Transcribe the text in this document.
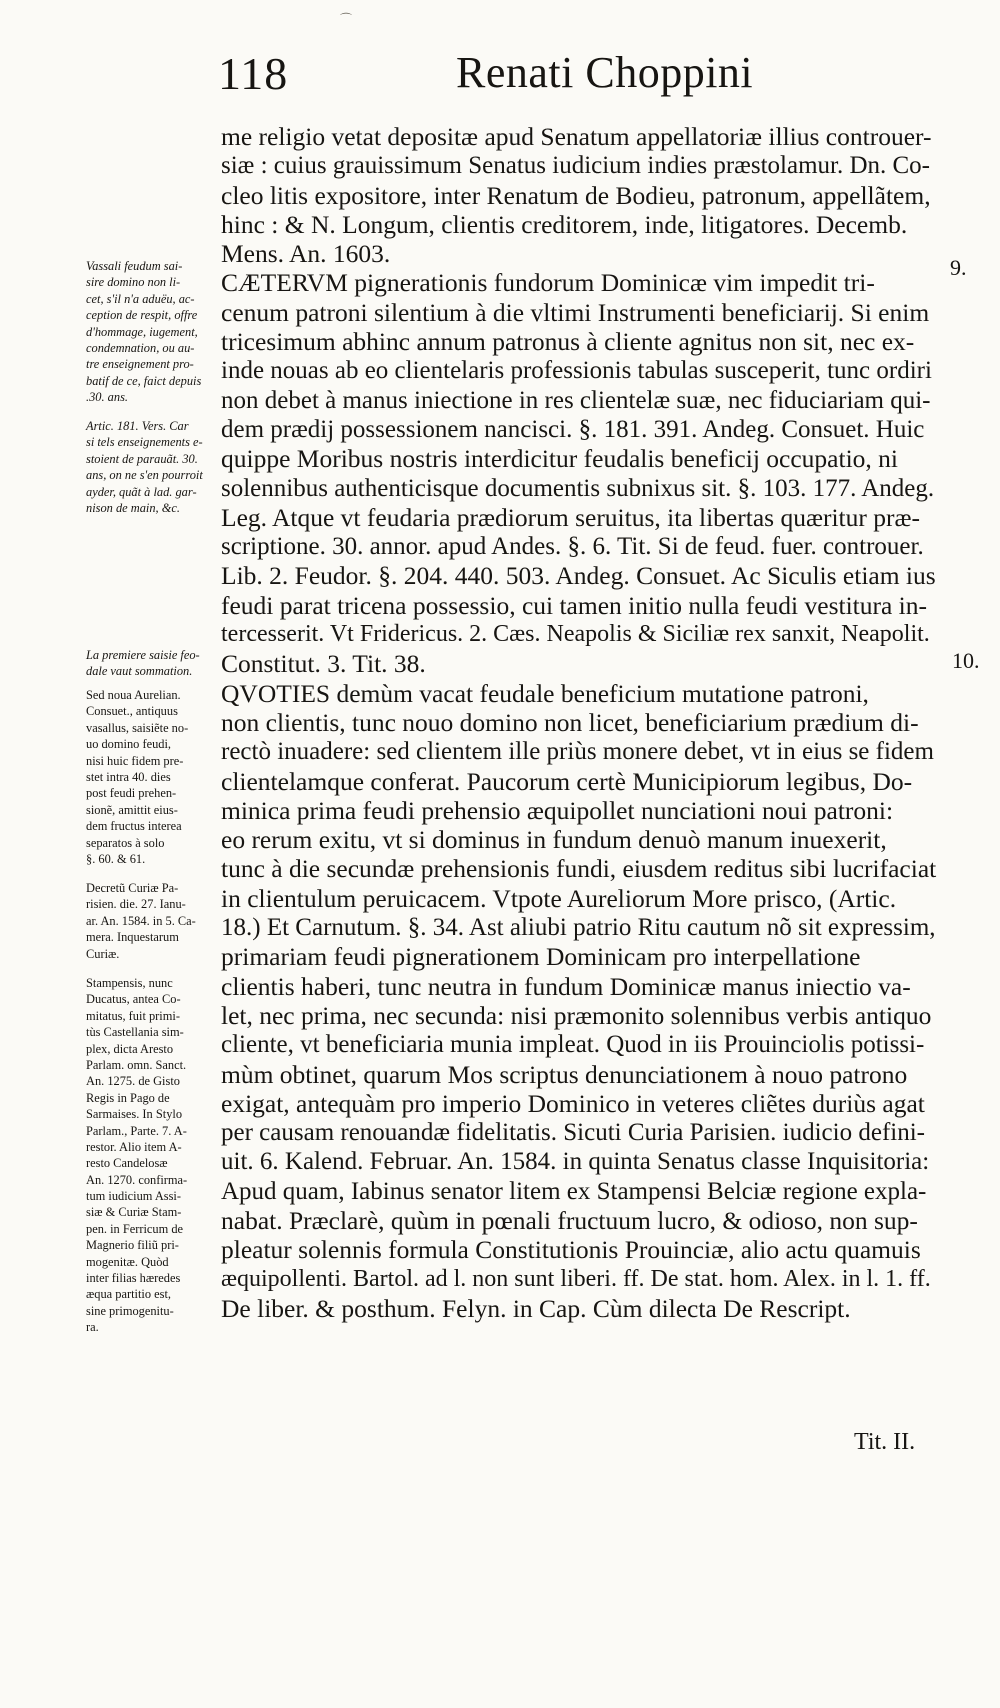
118	Renati Choppini
me religio vetat depositæ apud Senatum appellatoriæ illius controuer-
siæ : cuius grauissimum Senatus iudicium indies præstolamur. Dn. Co-
cleo litis expositore, inter Renatum de Bodieu, patronum, appellãtem,
hinc : & N. Longum, clientis creditorem, inde, litigatores. Decemb.
Mens. An. 1603.
CÆTERVM pignerationis fundorum Dominicæ vim impedit tri-
cenum patroni silentium à die vltimi Instrumenti beneficiarij. Si enim
tricesimum abhinc annum patronus à cliente agnitus non sit, nec ex-
inde nouas ab eo clientelaris professionis tabulas susceperit, tunc ordiri
non debet à manus iniectione in res clientelæ suæ, nec fiduciariam qui-
dem prædij possessionem nancisci. §. 181. 391. Andeg. Consuet. Huic
quippe Moribus nostris interdicitur feudalis beneficij occupatio, ni
solennibus authenticisque documentis subnixus sit. §. 103. 177. Andeg.
Leg. Atque vt feudaria prædiorum seruitus, ita libertas quæritur præ-
scriptione. 30. annor. apud Andes. §. 6. Tit. Si de feud. fuer. controuer.
Lib. 2. Feudor. §. 204. 440. 503. Andeg. Consuet. Ac Siculis etiam ius
feudi parat tricena possessio, cui tamen initio nulla feudi vestitura in-
tercesserit. Vt Fridericus. 2. Cæs. Neapolis & Siciliæ rex sanxit, Neapolit.
Constitut. 3. Tit. 38.
QVOTIES demùm vacat feudale beneficium mutatione patroni,
non clientis, tunc nouo domino non licet, beneficiarium prædium di-
rectò inuadere: sed clientem ille priùs monere debet, vt in eius se fidem
clientelamque conferat. Paucorum certè Municipiorum legibus, Do-
minica prima feudi prehensio æquipollet nunciationi noui patroni:
eo rerum exitu, vt si dominus in fundum denuò manum inuexerit,
tunc à die secundæ prehensionis fundi, eiusdem reditus sibi lucrifaciat
in clientulum peruicacem. Vtpote Aureliorum More prisco, (Artic.
18.) Et Carnutum. §. 34. Ast aliubi patrio Ritu cautum nõ sit expressim,
primariam feudi pignerationem Dominicam pro interpellatione
clientis haberi, tunc neutra in fundum Dominicæ manus iniectio va-
let, nec prima, nec secunda: nisi præmonito solennibus verbis antiquo
cliente, vt beneficiaria munia impleat. Quod in iis Prouinciolis potissi-
mùm obtinet, quarum Mos scriptus denunciationem à nouo patrono
exigat, antequàm pro imperio Dominico in veteres cliẽtes duriùs agat
per causam renouandæ fidelitatis. Sicuti Curia Parisien. iudicio defini-
uit. 6. Kalend. Februar. An. 1584. in quinta Senatus classe Inquisitoria:
Apud quam, Iabinus senator litem ex Stampensi Belciæ regione expla-
nabat. Præclarè, quùm in pœnali fructuum lucro, & odioso, non sup-
pleatur solennis formula Constitutionis Prouinciæ, alio actu quamuis
æquipollenti. Bartol. ad l. non sunt liberi. ff. De stat. hom. Alex. in l. 1. ff.
De liber. & posthum. Felyn. in Cap. Cùm dilecta De Rescript.
Vassali feudum sai-
sire domino non li-
cet, s'il n'a aduëu, ac-
ception de respit, offre
d'hommage, iugement,
condemnation, ou au-
tre enseignement pro-
batif de ce, faict depuis
.30. ans.
Artic. 181. Vers. Car
si tels enseignements e-
stoient de parauãt. 30.
ans, on ne s'en pourroit
ayder, quãt à lad. gar-
nison de main, &c.
La premiere saisie feo-
dale vaut sommation.
Sed noua Aurelian.
Consuet., antiquus
vasallus, saisiẽte no-
uo domino feudi,
nisi huic fidem pre-
stet intra 40. dies
post feudi prehen-
sionẽ, amittit eius-
dem fructus interea
separatos à solo
§. 60. & 61.
Decretũ Curiæ Pa-
risien. die. 27. Ianu-
ar. An. 1584. in 5. Ca-
mera. Inquestarum
Curiæ.
Stampensis, nunc
Ducatus, antea Co-
mitatus, fuit primi-
tùs Castellania sim-
plex, dicta Aresto
Parlam. omn. Sanct.
An. 1275. de Gisto
Regis in Pago de
Sarmaises. In Stylo
Parlam., Parte. 7. A-
restor. Alio item A-
resto Candelosæ
An. 1270. confirma-
tum iudicium Assi-
siæ & Curiæ Stam-
pen. in Ferricum de
Magnerio filiũ pri-
mogenitæ. Quòd
inter filias hæredes
æqua partitio est,
sine primogenitu-
ra.
9.
10.
Tit. II.
⌒
